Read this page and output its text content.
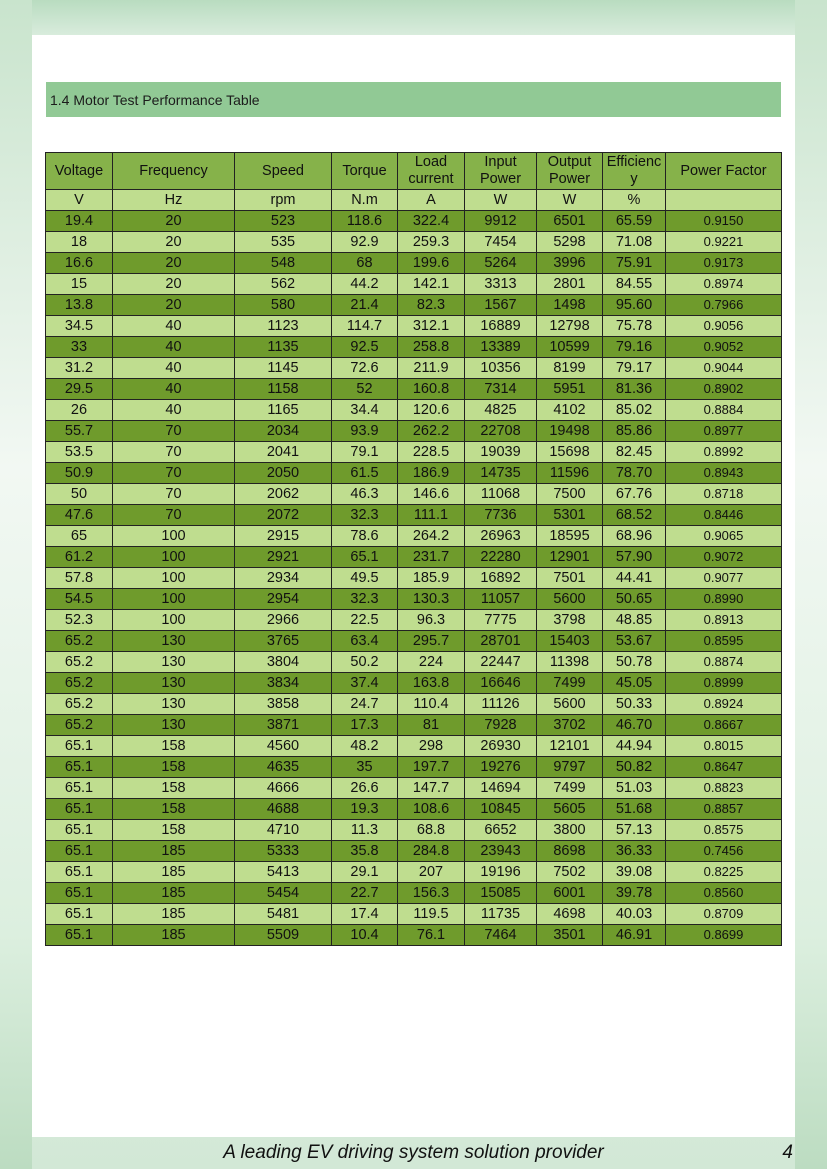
1.4 Motor Test Performance Table
Voltage	Frequency	Speed	Torque	Load current	Input Power	Output Power	Efficienc y	Power Factor
V	Hz	rpm	N.m	A	W	W	%	
19.4	20	523	118.6	322.4	9912	6501	65.59	0.9150
18	20	535	92.9	259.3	7454	5298	71.08	0.9221
16.6	20	548	68	199.6	5264	3996	75.91	0.9173
15	20	562	44.2	142.1	3313	2801	84.55	0.8974
13.8	20	580	21.4	82.3	1567	1498	95.60	0.7966
34.5	40	1123	114.7	312.1	16889	12798	75.78	0.9056
33	40	1135	92.5	258.8	13389	10599	79.16	0.9052
31.2	40	1145	72.6	211.9	10356	8199	79.17	0.9044
29.5	40	1158	52	160.8	7314	5951	81.36	0.8902
26	40	1165	34.4	120.6	4825	4102	85.02	0.8884
55.7	70	2034	93.9	262.2	22708	19498	85.86	0.8977
53.5	70	2041	79.1	228.5	19039	15698	82.45	0.8992
50.9	70	2050	61.5	186.9	14735	11596	78.70	0.8943
50	70	2062	46.3	146.6	11068	7500	67.76	0.8718
47.6	70	2072	32.3	111.1	7736	5301	68.52	0.8446
65	100	2915	78.6	264.2	26963	18595	68.96	0.9065
61.2	100	2921	65.1	231.7	22280	12901	57.90	0.9072
57.8	100	2934	49.5	185.9	16892	7501	44.41	0.9077
54.5	100	2954	32.3	130.3	11057	5600	50.65	0.8990
52.3	100	2966	22.5	96.3	7775	3798	48.85	0.8913
65.2	130	3765	63.4	295.7	28701	15403	53.67	0.8595
65.2	130	3804	50.2	224	22447	11398	50.78	0.8874
65.2	130	3834	37.4	163.8	16646	7499	45.05	0.8999
65.2	130	3858	24.7	110.4	11126	5600	50.33	0.8924
65.2	130	3871	17.3	81	7928	3702	46.70	0.8667
65.1	158	4560	48.2	298	26930	12101	44.94	0.8015
65.1	158	4635	35	197.7	19276	9797	50.82	0.8647
65.1	158	4666	26.6	147.7	14694	7499	51.03	0.8823
65.1	158	4688	19.3	108.6	10845	5605	51.68	0.8857
65.1	158	4710	11.3	68.8	6652	3800	57.13	0.8575
65.1	185	5333	35.8	284.8	23943	8698	36.33	0.7456
65.1	185	5413	29.1	207	19196	7502	39.08	0.8225
65.1	185	5454	22.7	156.3	15085	6001	39.78	0.8560
65.1	185	5481	17.4	119.5	11735	4698	40.03	0.8709
65.1	185	5509	10.4	76.1	7464	3501	46.91	0.8699
A leading EV driving system solution provider	4
